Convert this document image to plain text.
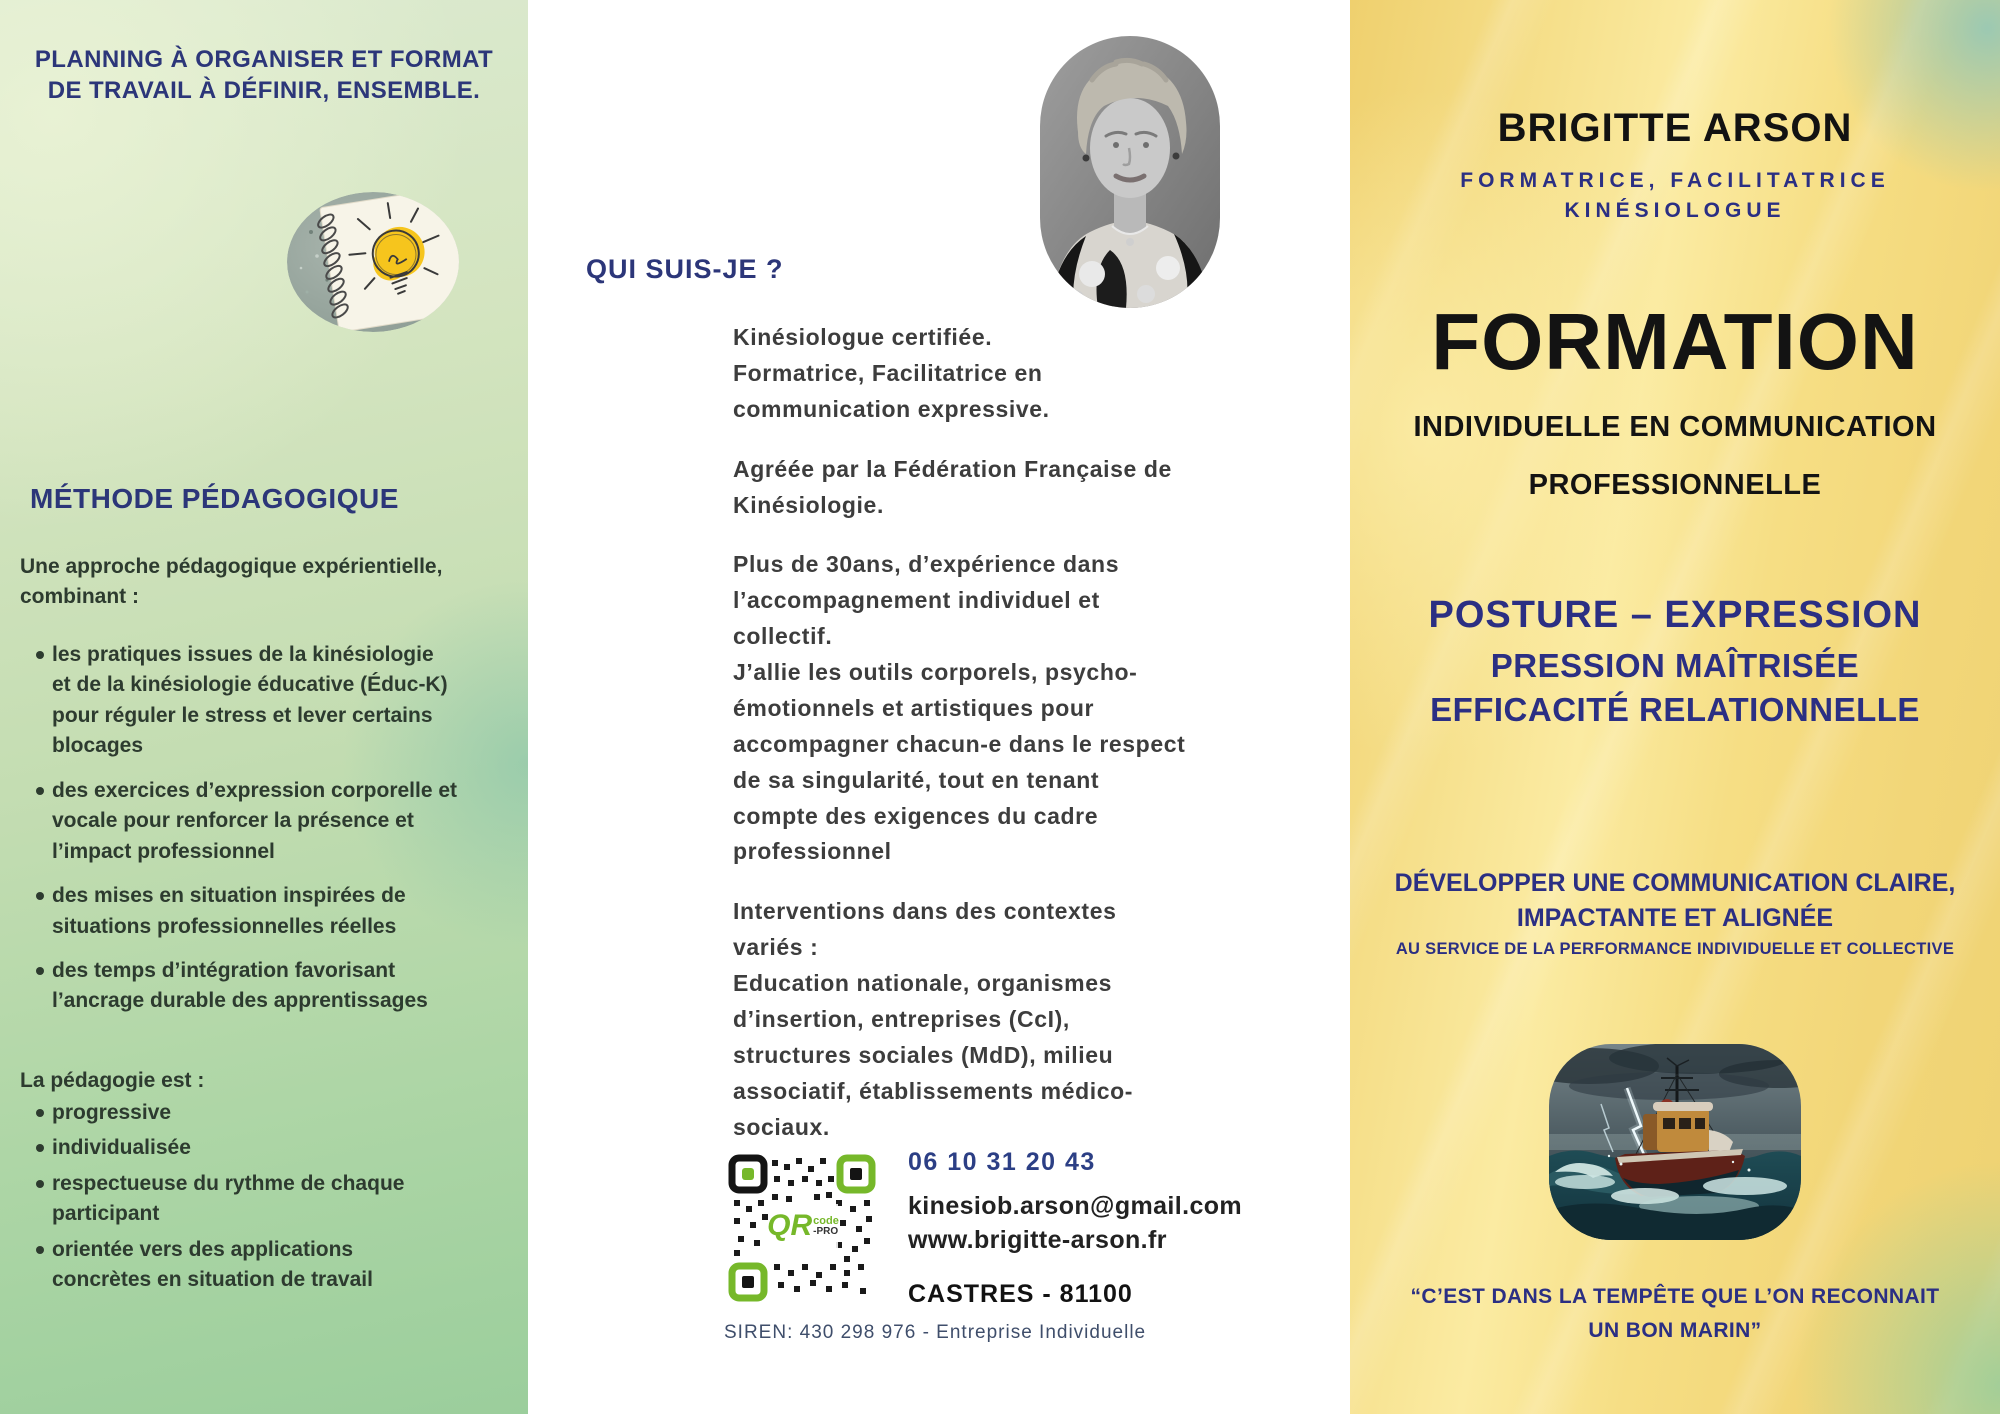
PLANNING À ORGANISER ET FORMAT
DE TRAVAIL À DÉFINIR, ENSEMBLE.
MÉTHODE PÉDAGOGIQUE

Une approche pédagogique expérientielle,
combinant :

les pratiques issues de la kinésiologie
et de la kinésiologie éducative (Éduc-K)
pour réguler le stress et lever certains
blocages
des exercices d’expression corporelle et
vocale pour renforcer la présence et
l’impact professionnel
des mises en situation inspirées de
situations professionnelles réelles
des temps d’intégration favorisant
l’ancrage durable des apprentissages

La pédagogie est :

progressive
individualisée
respectueuse du rythme de chaque
participant
orientée vers des applications
concrètes en situation de travail
QUI SUIS-JE ?

Kinésiologue certifiée.
Formatrice, Facilitatrice en
communication expressive.

Agréée par la Fédération Française de
Kinésiologie.

Plus de 30ans, d’expérience dans
l’accompagnement individuel et
collectif.
J’allie les outils corporels, psycho-
émotionnels et artistiques pour
accompagner chacun-e dans le respect
de sa singularité, tout en tenant
compte des exigences du cadre
professionnel

Interventions dans des contextes
variés :
Education nationale, organismes
d’insertion, entreprises (CcI),
structures sociales (MdD), milieu
associatif, établissements médico-
sociaux.

QR code
-PRO
06 10 31 20 43
kinesiob.arson@gmail.com
www.brigitte-arson.fr
CASTRES - 81100
SIREN: 430 298 976 - Entreprise Individuelle
BRIGITTE ARSON
FORMATRICE, FACILITATRICE
KINÉSIOLOGUE
FORMATION
INDIVIDUELLE EN COMMUNICATION
PROFESSIONNELLE
POSTURE – EXPRESSION
PRESSION MAÎTRISÉE
EFFICACITÉ RELATIONNELLE
DÉVELOPPER UNE COMMUNICATION CLAIRE,
IMPACTANTE ET ALIGNÉE
AU SERVICE DE LA PERFORMANCE INDIVIDUELLE ET COLLECTIVE
“C’EST DANS LA TEMPÊTE QUE L’ON RECONNAIT
UN BON MARIN”
